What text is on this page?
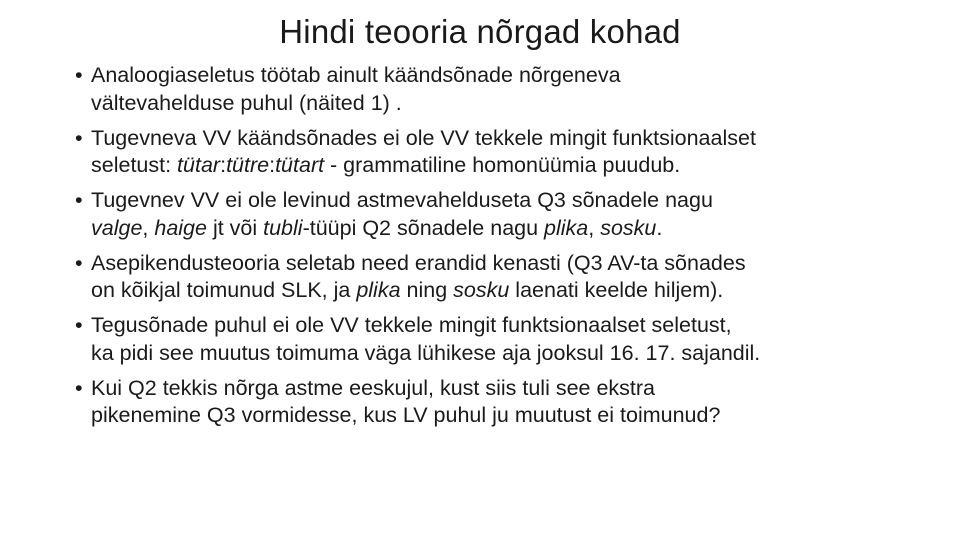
Hindi teooria nõrgad kohad
• Analoogiaseletus töötab ainult käändsõnade nõrgeneva
vältevahelduse puhul (näited 1) .
• Tugevneva VV käändsõnades ei ole VV tekkele mingit funktsionaalset
seletust: tütar:tütre:tütart - grammatiline homonüümia puudub.
• Tugevnev VV ei ole levinud astmevahelduseta Q3 sõnadele nagu
valge, haige jt või tubli-tüüpi Q2 sõnadele nagu plika, sosku.
• Asepikendusteooria seletab need erandid kenasti (Q3 AV-ta sõnades
on kõikjal toimunud SLK, ja plika ning sosku laenati keelde hiljem).
• Tegusõnade puhul ei ole VV tekkele mingit funktsionaalset seletust,
ka pidi see muutus toimuma väga lühikese aja jooksul 16. 17. sajandil.
• Kui Q2 tekkis nõrga astme eeskujul, kust siis tuli see ekstra
pikenemine Q3 vormidesse, kus LV puhul ju muutust ei toimunud?
